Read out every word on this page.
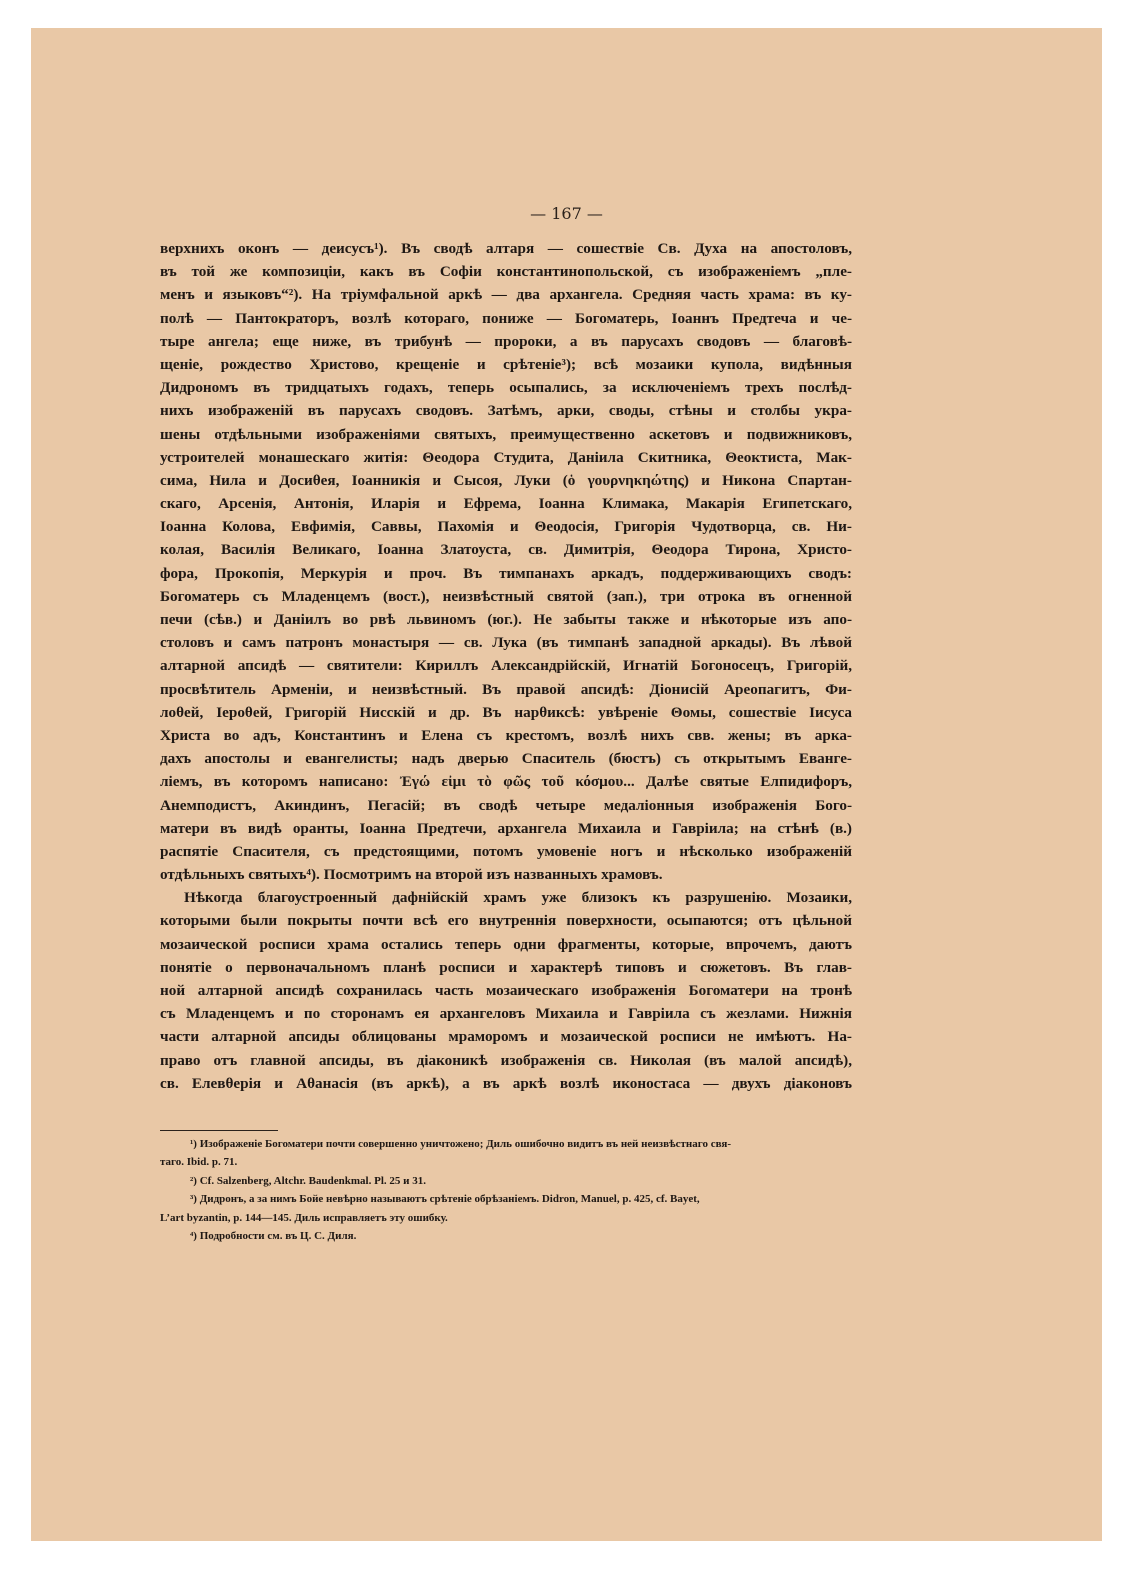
— 167 —
верхнихъ оконъ — деисусъ¹). Въ сводѣ алтаря — сошествіе Св. Духа на апостоловъ,
въ той же композиціи, какъ въ Софіи константинопольской, съ изображеніемъ „пле-
менъ и языковъ“²). На тріумфальной аркѣ — два архангела. Средняя часть храма: въ ку-
полѣ — Пантократоръ, возлѣ котораго, пониже — Богоматерь, Іоаннъ Предтеча и че-
тыре ангела; еще ниже, въ трибунѣ — пророки, а въ парусахъ сводовъ — благовѣ-
щеніе, рождество Христово, крещеніе и срѣтеніе³); всѣ мозаики купола, видѣнныя
Дидрономъ въ тридцатыхъ годахъ, теперь осыпались, за исключеніемъ трехъ послѣд-
нихъ изображеній въ парусахъ сводовъ. Затѣмъ, арки, своды, стѣны и столбы укра-
шены отдѣльными изображеніями святыхъ, преимущественно аскетовъ и подвижниковъ,
устроителей монашескаго житія: Θеодора Студита, Даніила Скитника, Θеоктиста, Мак-
сима, Нила и Досиθея, Іоанникія и Сысоя, Луки (ὁ γουρνηκηώτης) и Никона Спартан-
скаго, Арсенія, Антонія, Иларія и Ефрема, Іоанна Климака, Макарія Египетскаго,
Іоанна Колова, Евфимія, Саввы, Пахомія и Θеодосія, Григорія Чудотворца, св. Ни-
колая, Василія Великаго, Іоанна Златоуста, св. Димитрія, Θеодора Тирона, Христо-
фора, Прокопія, Меркурія и проч. Въ тимпанахъ аркадъ, поддерживающихъ сводъ:
Богоматерь съ Младенцемъ (вост.), неизвѣстный святой (зап.), три отрока въ огненной
печи (сѣв.) и Даніилъ во рвѣ львиномъ (юг.). Не забыты также и нѣкоторые изъ апо-
столовъ и самъ патронъ монастыря — св. Лука (въ тимпанѣ западной аркады). Въ лѣвой
алтарной апсидѣ — святители: Кириллъ Александрійскій, Игнатій Богоносецъ, Григорій,
просвѣтитель Арменіи, и неизвѣстный. Въ правой апсидѣ: Діонисій Ареопагитъ, Фи-
лоθей, Іероθей, Григорій Нисскій и др. Въ нарθиксѣ: увѣреніе Θомы, сошествіе Іисуса
Христа во адъ, Константинъ и Елена съ крестомъ, возлѣ нихъ свв. жены; въ арка-
дахъ апостолы и евангелисты; надъ дверью Спаситель (бюстъ) съ открытымъ Еванге-
ліемъ, въ которомъ написано: Ἐγώ εἰμι τὸ φῶς τοῦ κόσμου... Далѣе святые Елпидифоръ,
Анемподистъ, Акиндинъ, Пегасій; въ сводѣ четыре медаліонныя изображенія Бого-
матери въ видѣ оранты, Іоанна Предтечи, архангела Михаила и Гавріила; на стѣнѣ (в.)
распятіе Спасителя, съ предстоящими, потомъ умовеніе ногъ и нѣсколько изображеній
отдѣльныхъ святыхъ⁴). Посмотримъ на второй изъ названныхъ храмовъ.
Нѣкогда благоустроенный дафнійскій храмъ уже близокъ къ разрушенію. Мозаики,
которыми были покрыты почти всѣ его внутреннія поверхности, осыпаются; отъ цѣльной
мозаической росписи храма остались теперь одни фрагменты, которые, впрочемъ, даютъ
понятіе о первоначальномъ планѣ росписи и характерѣ типовъ и сюжетовъ. Въ глав-
ной алтарной апсидѣ сохранилась часть мозаическаго изображенія Богоматери на тронѣ
съ Младенцемъ и по сторонамъ ея архангеловъ Михаила и Гавріила съ жезлами. Нижнія
части алтарной апсиды облицованы мраморомъ и мозаической росписи не имѣютъ. На-
право отъ главной апсиды, въ діаконикѣ изображенія св. Николая (въ малой апсидѣ),
св. Елевθерія и Аθанасія (въ аркѣ), а въ аркѣ возлѣ иконостаса — двухъ діаконовъ
¹) Изображеніе Богоматери почти совершенно уничтожено; Диль ошибочно видитъ въ ней неизвѣстнаго свя-
таго. Ibid. p. 71.
²) Cf. Salzenberg, Altchr. Baudenkmal. Pl. 25 и 31.
³) Дидронъ, а за нимъ Бойе невѣрно называютъ срѣтеніе обрѣзаніемъ. Didron, Manuel, p. 425, cf. Bayet,
L’art byzantin, p. 144—145. Диль исправляетъ эту ошибку.
⁴) Подробности см. въ Ц. С. Диля.
